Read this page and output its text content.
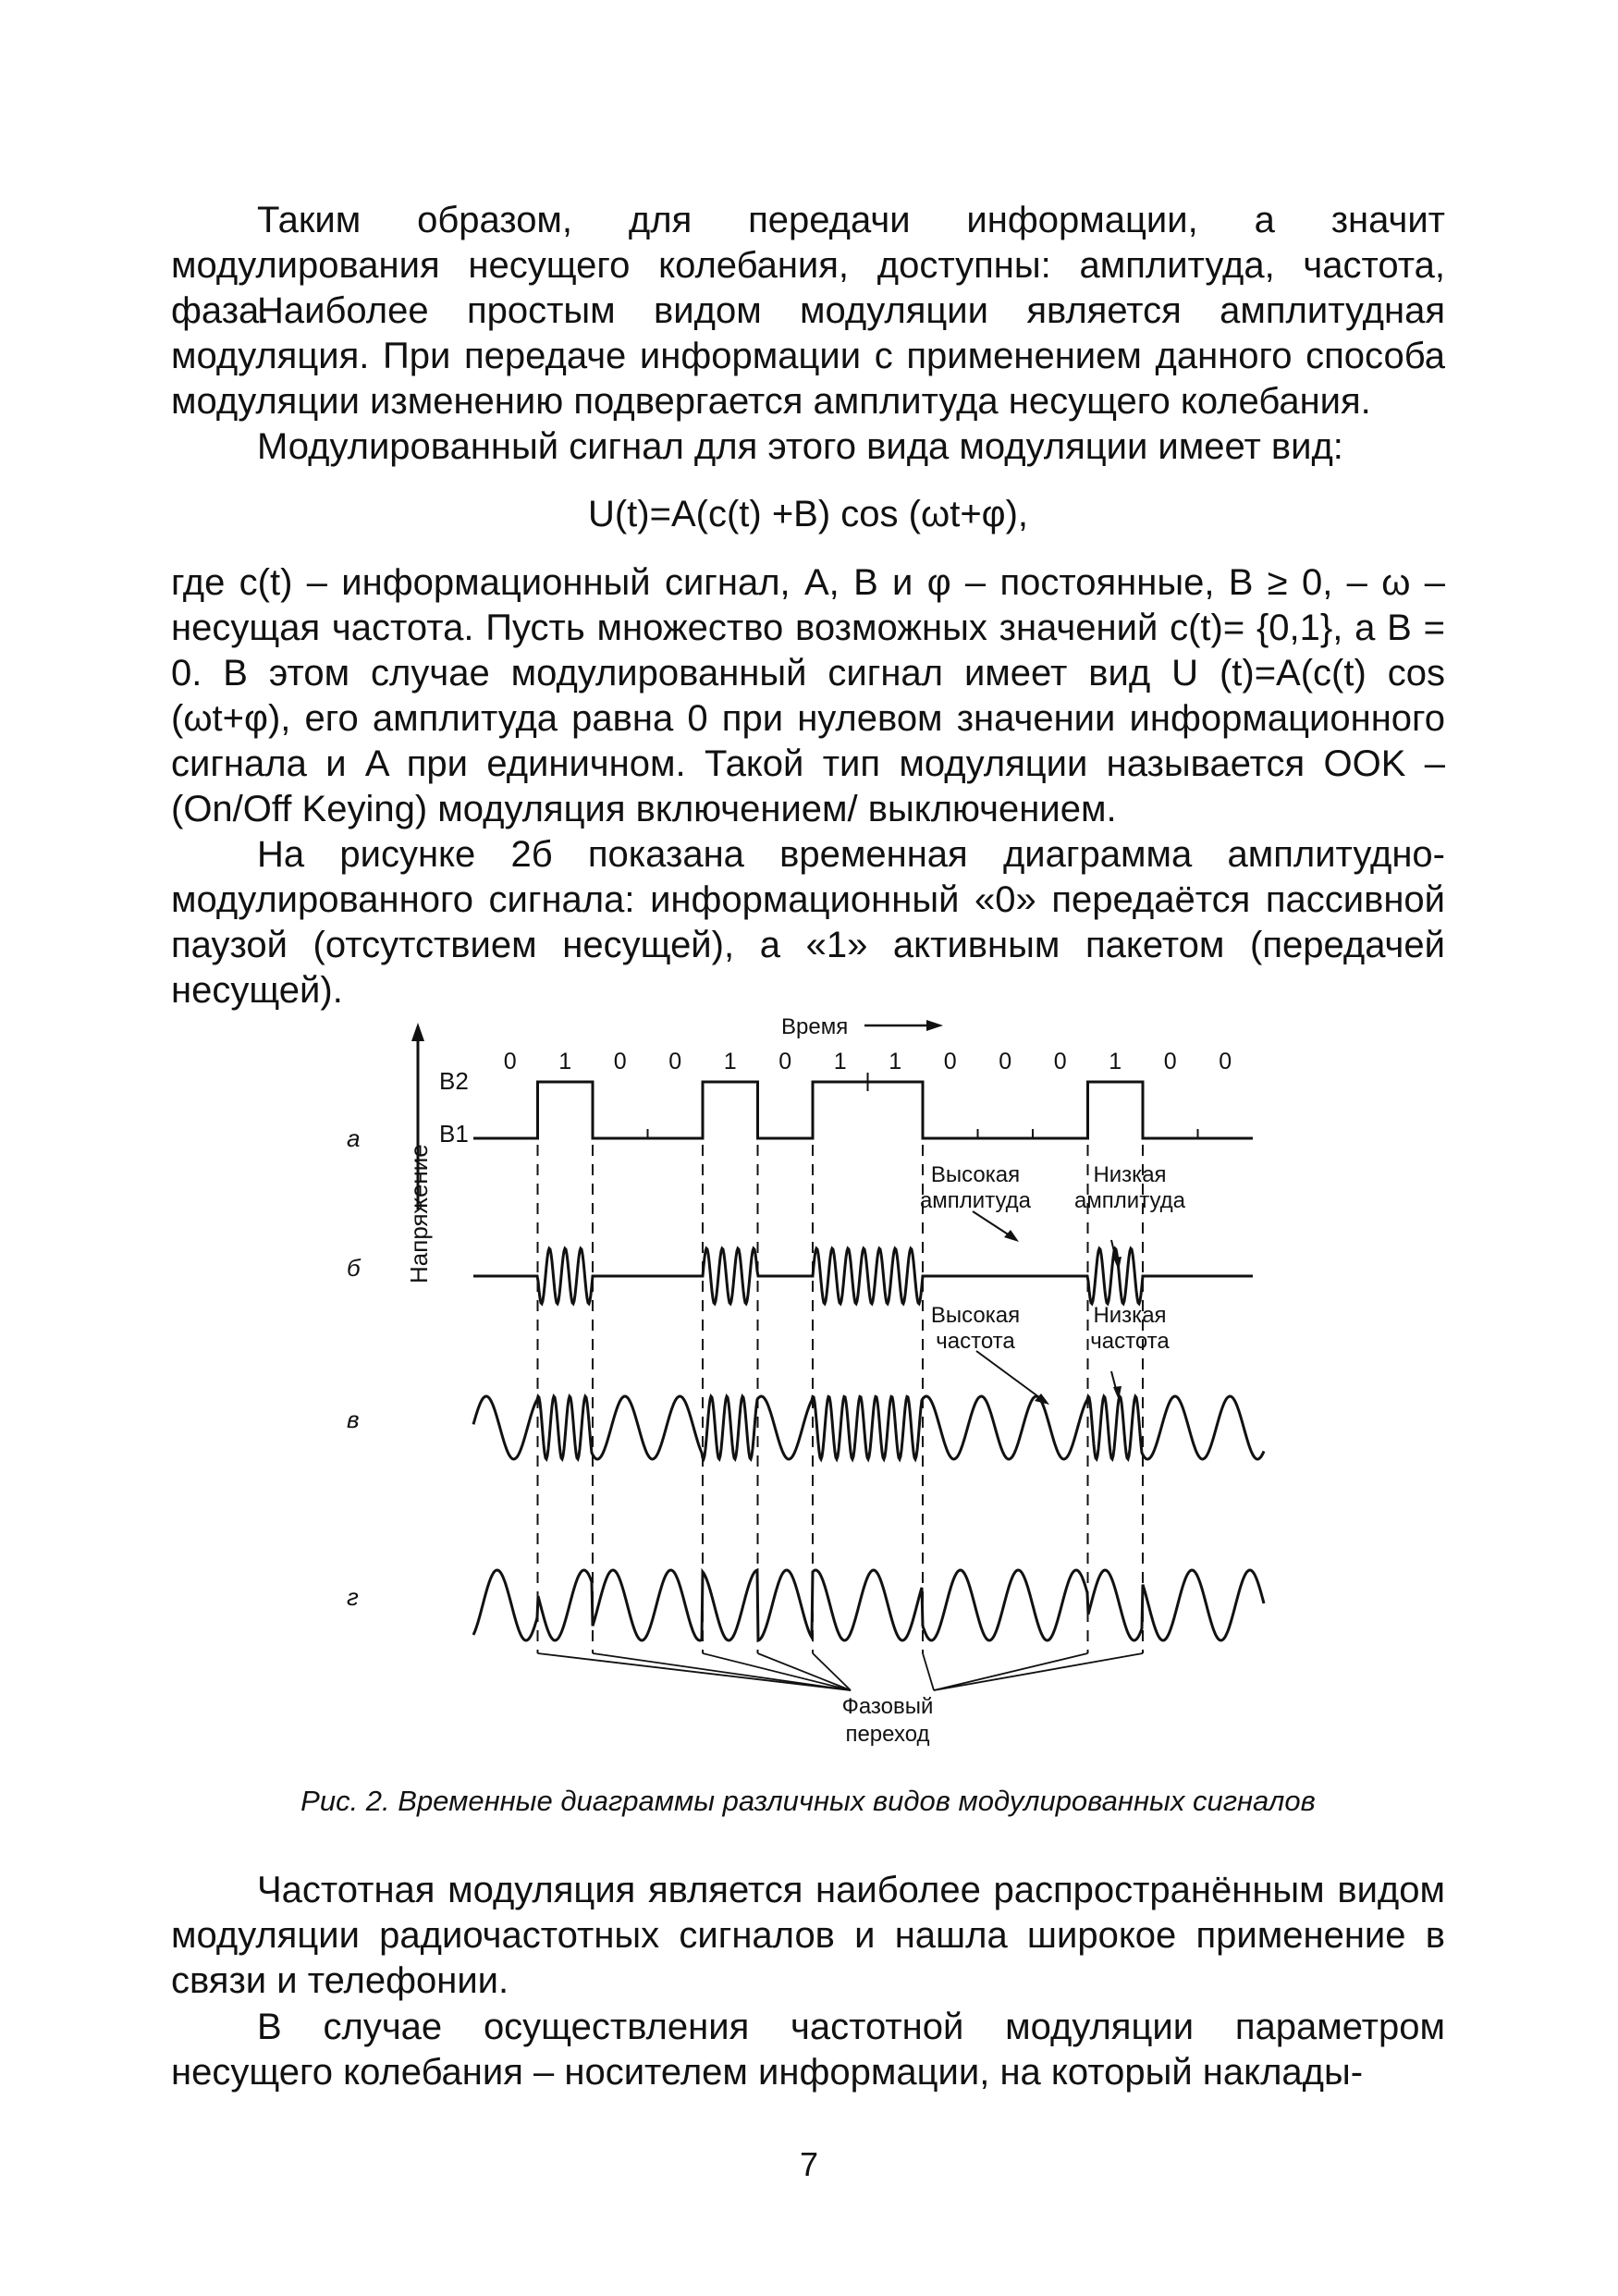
Таким образом, для передачи информации, а значит модулирования несущего колебания, доступны: амплитуда, частота, фаза.

Наиболее простым видом модуляции является амплитудная модуляция. При передаче информации с применением данного способа модуляции изменению подвергается амплитуда несущего колебания.

Модулированный сигнал для этого вида модуляции имеет вид:

U(t)=A(c(t) +B) cos (ωt+φ),

где c(t) – информационный сигнал, A, B и φ – постоянные, B ≥ 0, – ω – несущая частота. Пусть множество возможных значений c(t)= {0,1}, а B = 0. В этом случае модулированный сигнал имеет вид U (t)=A(c(t) cos (ωt+φ), его амплитуда равна 0 при нулевом значении информационного сигнала и A при единичном. Такой тип модуляции называется OOK – (On/Off Keying) модуляция включением/ выключением.

На рисунке 2б показана временная диаграмма амплитудно-модулированного сигнала: информационный «0» передаётся пассивной паузой (отсутствием несущей), а «1» активным пакетом (передачей несущей).

а
б
в
г
Напряжение
B2
B1
Время
0 1 0 0 1 0 1 1 0 0 0 1 0 0
Высокая
амплитуда
Низкая
амплитуда
Высокая
частота
Низкая
частота
Фазовый
переход

Рис. 2. Временные диаграммы различных видов модулированных сигналов

Частотная модуляция является наиболее распространённым видом модуляции радиочастотных сигналов и нашла широкое применение в связи и телефонии.

В случае осуществления частотной модуляции параметром несущего колебания – носителем информации, на который наклады-

7
